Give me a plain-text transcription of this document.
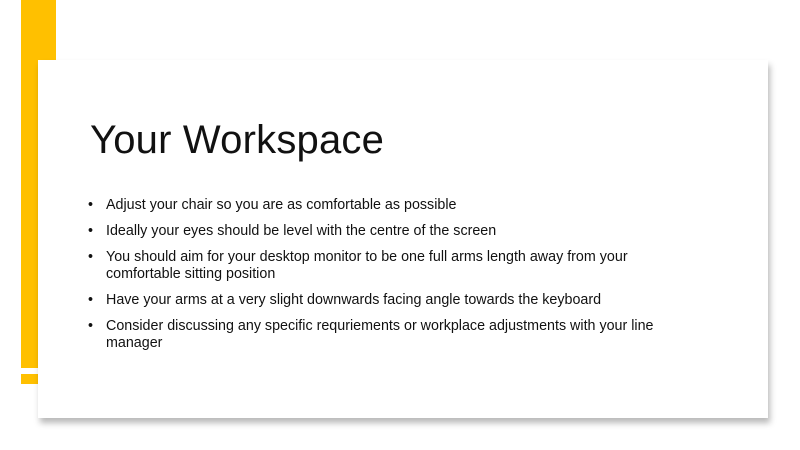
Your Workspace
• Adjust your chair so you are as comfortable as possible
• Ideally your eyes should be level with the centre of the screen
• You should aim for your desktop monitor to be one full arms length away from your comfortable sitting position
• Have your arms at a very slight downwards facing angle towards the keyboard
• Consider discussing any specific requriements or workplace adjustments with your line manager
